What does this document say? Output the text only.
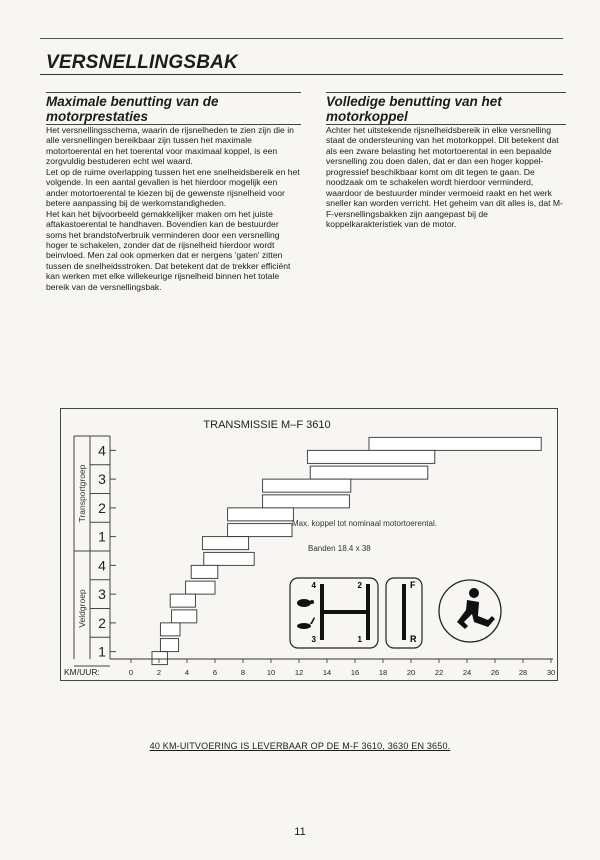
VERSNELLINGSBAK
Maximale benutting van de motorprestaties

Het versnellingsschema, waarin de rijsnelheden te zien zijn die in alle versnellingen bereikbaar zijn tussen het maximale motortoerental en het toerental voor maximaal koppel, is een zorgvuldig bestuderen echt wel waard.

Let op de ruime overlapping tussen het ene snelheidsbereik en het volgende. In een aantal gevallen is het hierdoor mogelijk een ander motortoerental te kiezen bij de gewenste rijsnelheid voor betere aanpassing bij de werkomstandigheden.

Het kan het bijvoorbeeld gemakkelijker maken om het juiste aftakastoerental te handhaven. Bovendien kan de bestuurder soms het brandstofverbruik verminderen door een versnelling hoger te schakelen, zonder dat de rijsnelheid hierdoor wordt beinvloed. Men zal ook opmerken dat er nergens 'gaten' zitten tussen de snelheidsstroken. Dat betekent dat de trekker efficiënt kan werken met elke willekeurige rijsnelheid binnen het totale bereik van de versnellingsbak.

Volledige benutting van het motorkoppel

Achter het uitstekende rijsnelheidsbereik in elke versnelling staat de ondersteuning van het motorkoppel. Dit betekent dat als een zware belasting het motortoerental in een bepaalde versnelling zou doen dalen, dat er dan een hoger koppel-progressief beschikbaar komt om dit tegen te gaan. De noodzaak om te schakelen wordt hierdoor verminderd, waardoor de bestuurder minder vermoeid raakt en het werk sneller kan worden verricht. Het geheim van dit alles is, dat M-F-versnellingsbakken zijn aangepast bij de koppelkarakteristiek van de motor.

TRANSMISSIE M–F 3610
Transportgroep
4
3
2
1
Veldgroep
4
3
2
1
KM/UUR:	0	2	4	6	8	10	12	14	16	18	20	22	24	26	28	30
Max. koppel tot nominaal motortoerental.
Banden 18.4 x 38
4	2
3	1
F
R
40 KM-UITVOERING IS LEVERBAAR OP DE M-F 3610, 3630 EN 3650.
11
